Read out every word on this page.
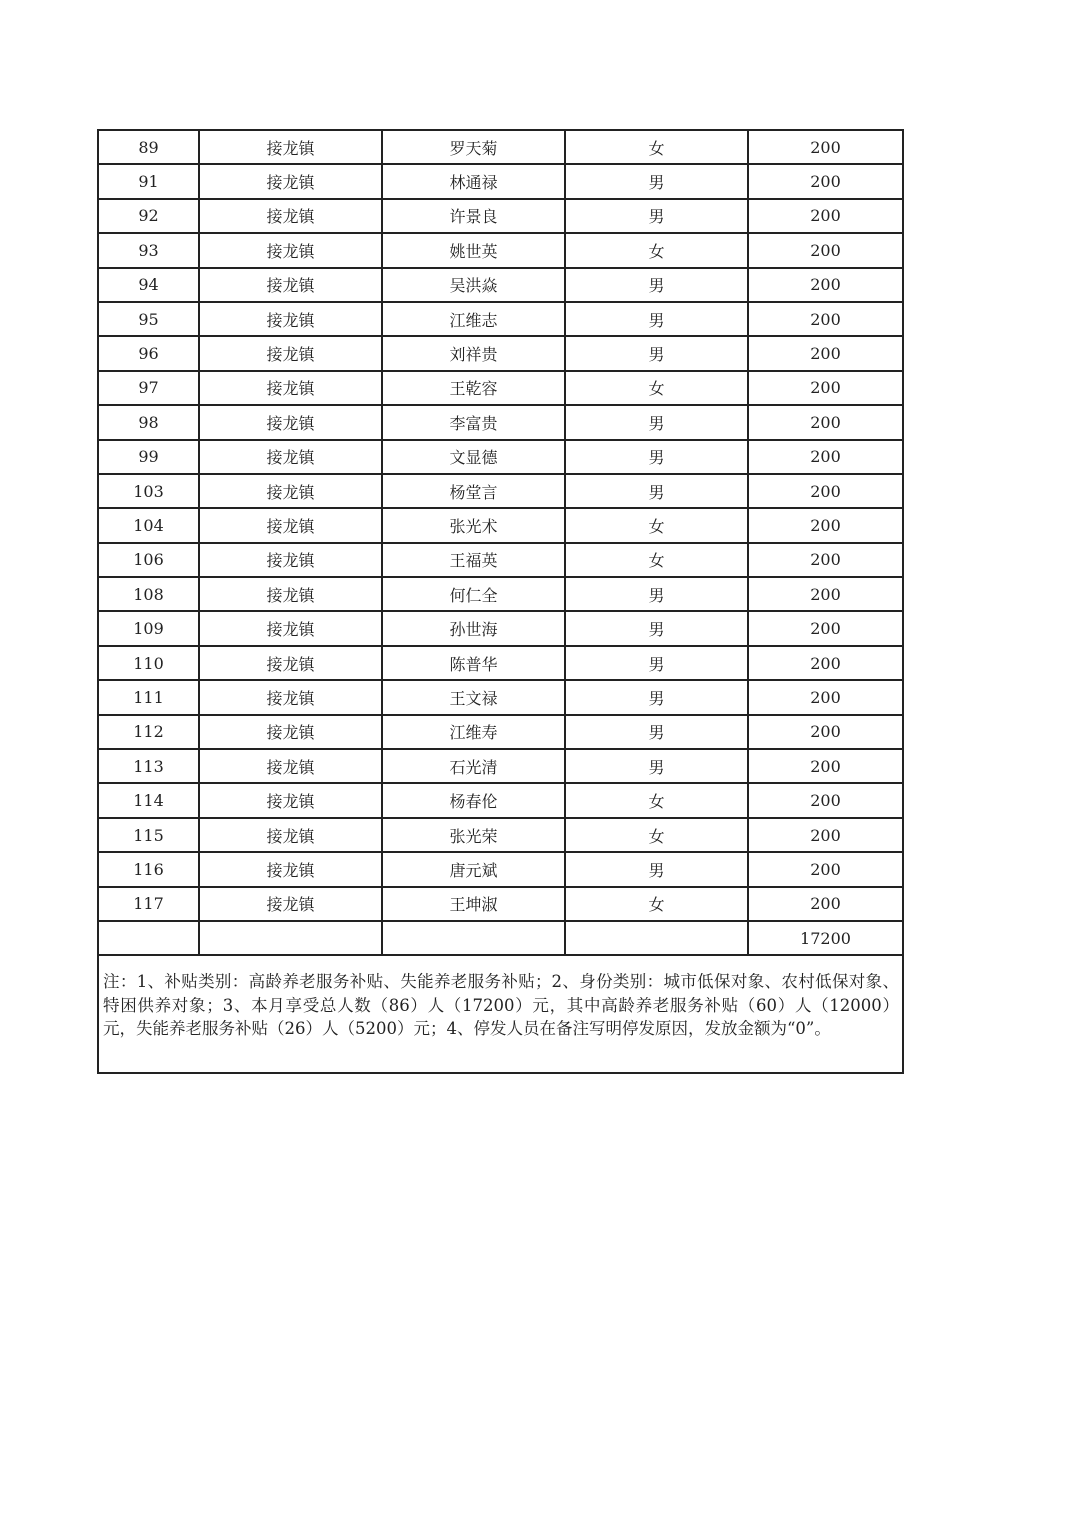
89	接龙镇	罗天菊	女	200
91	接龙镇	林通禄	男	200
92	接龙镇	许景良	男	200
93	接龙镇	姚世英	女	200
94	接龙镇	吴洪焱	男	200
95	接龙镇	江维志	男	200
96	接龙镇	刘祥贵	男	200
97	接龙镇	王乾容	女	200
98	接龙镇	李富贵	男	200
99	接龙镇	文显德	男	200
103	接龙镇	杨堂言	男	200
104	接龙镇	张光术	女	200
106	接龙镇	王福英	女	200
108	接龙镇	何仁全	男	200
109	接龙镇	孙世海	男	200
110	接龙镇	陈普华	男	200
111	接龙镇	王文禄	男	200
112	接龙镇	江维寿	男	200
113	接龙镇	石光清	男	200
114	接龙镇	杨春伦	女	200
115	接龙镇	张光荣	女	200
116	接龙镇	唐元斌	男	200
117	接龙镇	王坤淑	女	200
				17200

注：1、补贴类别：高龄养老服务补贴、失能养老服务补贴；2、身份类别：城市低保对象、农村低保对象、特困供养对象；3、本月享受总人数（86）人（17200）元，其中高龄养老服务补贴（60）人（12000）元，失能养老服务补贴（26）人（5200）元；4、停发人员在备注写明停发原因，发放金额为“0”。				
